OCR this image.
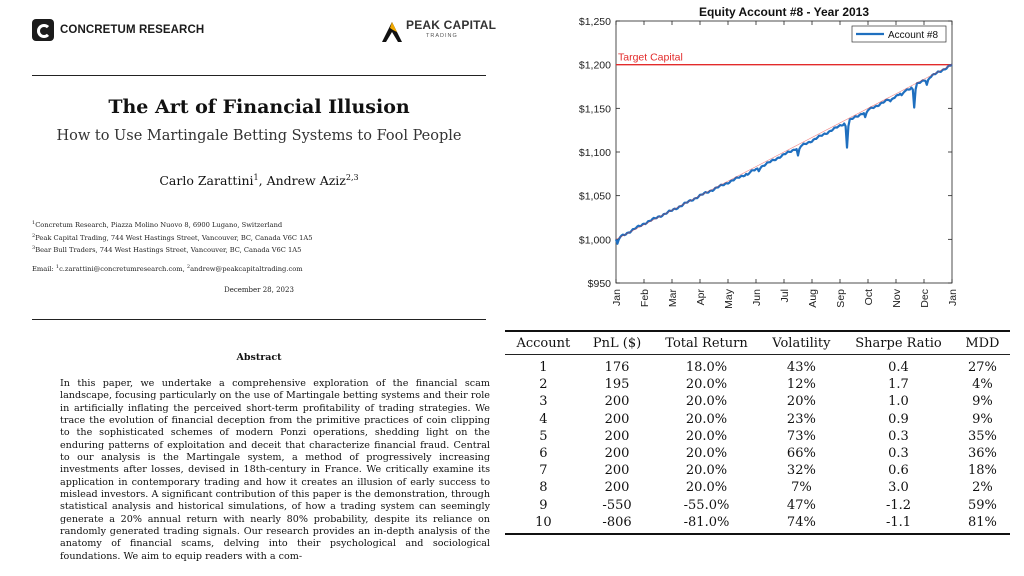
CONCRETUM RESEARCH	PEAK CAPITAL
TRADING
The Art of Financial Illusion
How to Use Martingale Betting Systems to Fool People
Carlo Zarattini$^1$, Andrew Aziz$^{2,3}$
$^1$Concretum Research, Piazza Molino Nuovo 8, 6900 Lugano, Switzerland
$^2$Peak Capital Trading, 744 West Hastings Street, Vancouver, BC, Canada V6C 1A5
$^3$Bear Bull Traders, 744 West Hastings Street, Vancouver, BC, Canada V6C 1A5
Email: $^1$c.zarattini@concretumresearch.com, $^2$andrew@peakcapitaltrading.com
December 28, 2023
Abstract
In this paper, we undertake a comprehensive exploration of the financial scam landscape, focusing particularly on the use of Martingale betting systems and their role in artificially inflating the perceived short-term profitability of trading strategies. We trace the evolution of financial deception from the primitive practices of coin clipping to the sophisticated schemes of modern Ponzi operations, shedding light on the enduring patterns of exploitation and deceit that characterize financial fraud. Central to our analysis is the Martingale system, a method of progressively increasing investments after losses, devised in 18th-century in France. We critically examine its application in contemporary trading and how it creates an illusion of early success to mislead investors. A significant contribution of this paper is the demonstration, through statistical analysis and historical simulations, of how a trading system can seemingly generate a 20% annual return with nearly 80% probability, despite its reliance on randomly generated trading signals. Our research provides an in-depth analysis of the anatomy of financial scams, delving into their psychological and sociological foundations. We aim to equip readers with a com-
Equity Account #8 - Year 2013
$950
$1,000
$1,050
$1,100
$1,150
$1,200
$1,250
Jan Feb Mar Apr May Jun Jul Aug Sep Oct Nov Dec Jan
Target Capital
Account #8
Account	PnL ($)	Total Return	Volatility	Sharpe Ratio	MDD
1	176	18.0%	43%	0.4	27%
2	195	20.0%	12%	1.7	4%
3	200	20.0%	20%	1.0	9%
4	200	20.0%	23%	0.9	9%
5	200	20.0%	73%	0.3	35%
6	200	20.0%	66%	0.3	36%
7	200	20.0%	32%	0.6	18%
8	200	20.0%	7%	3.0	2%
9	-550	-55.0%	47%	-1.2	59%
10	-806	-81.0%	74%	-1.1	81%
